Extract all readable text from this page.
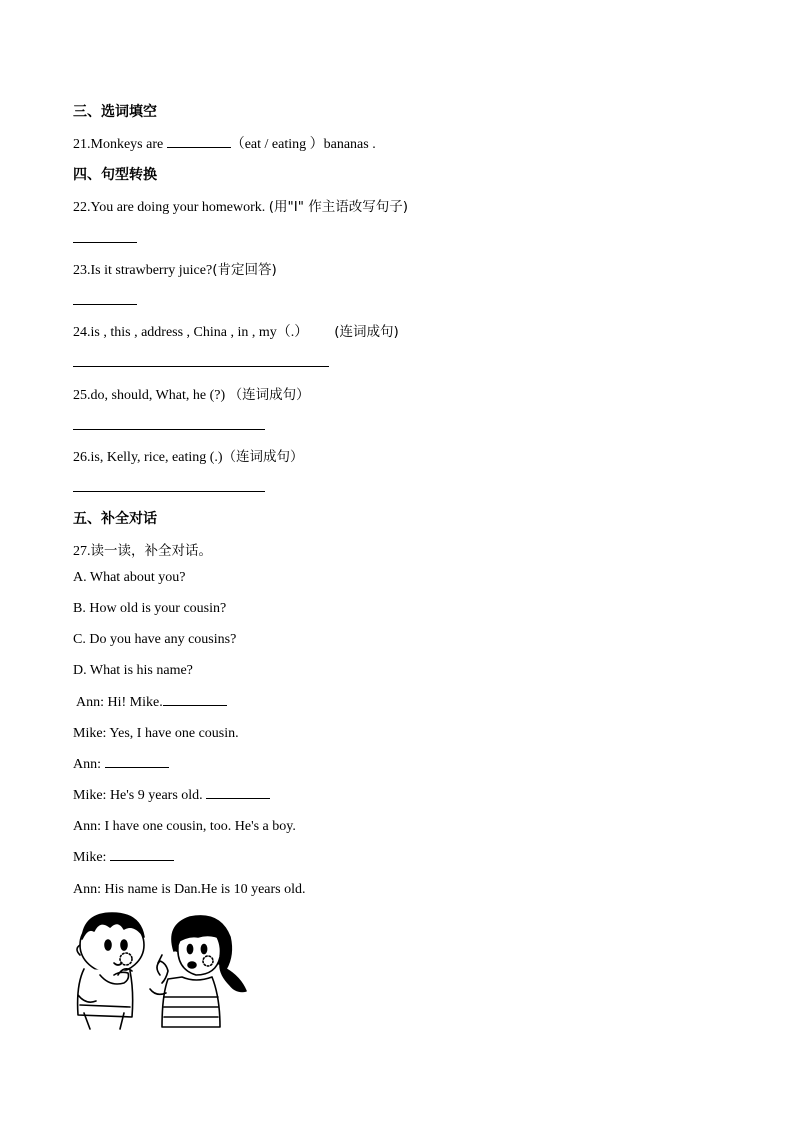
三、选词填空
21.Monkeys are	（eat / eating ）bananas .
四、句型转换
22.You are doing your homework. (用"I" 作主语改写句子)
23.Is it strawberry juice?(肯定回答)
24.is , this , address , China , in , my（.） (连词成句)
25.do, should, What, he (?) （连词成句）
26.is, Kelly, rice, eating (.)（连词成句）
五、补全对话
27.读一读，补全对话。
A. What about you?
B. How old is your cousin?
C. Do you have any cousins?
D. What is his name?
Ann: Hi! Mike.
Mike: Yes, I have one cousin.
Ann:
Mike: He's 9 years old.
Ann: I have one cousin, too. He's a boy.
Mike:
Ann: His name is Dan.He is 10 years old.
